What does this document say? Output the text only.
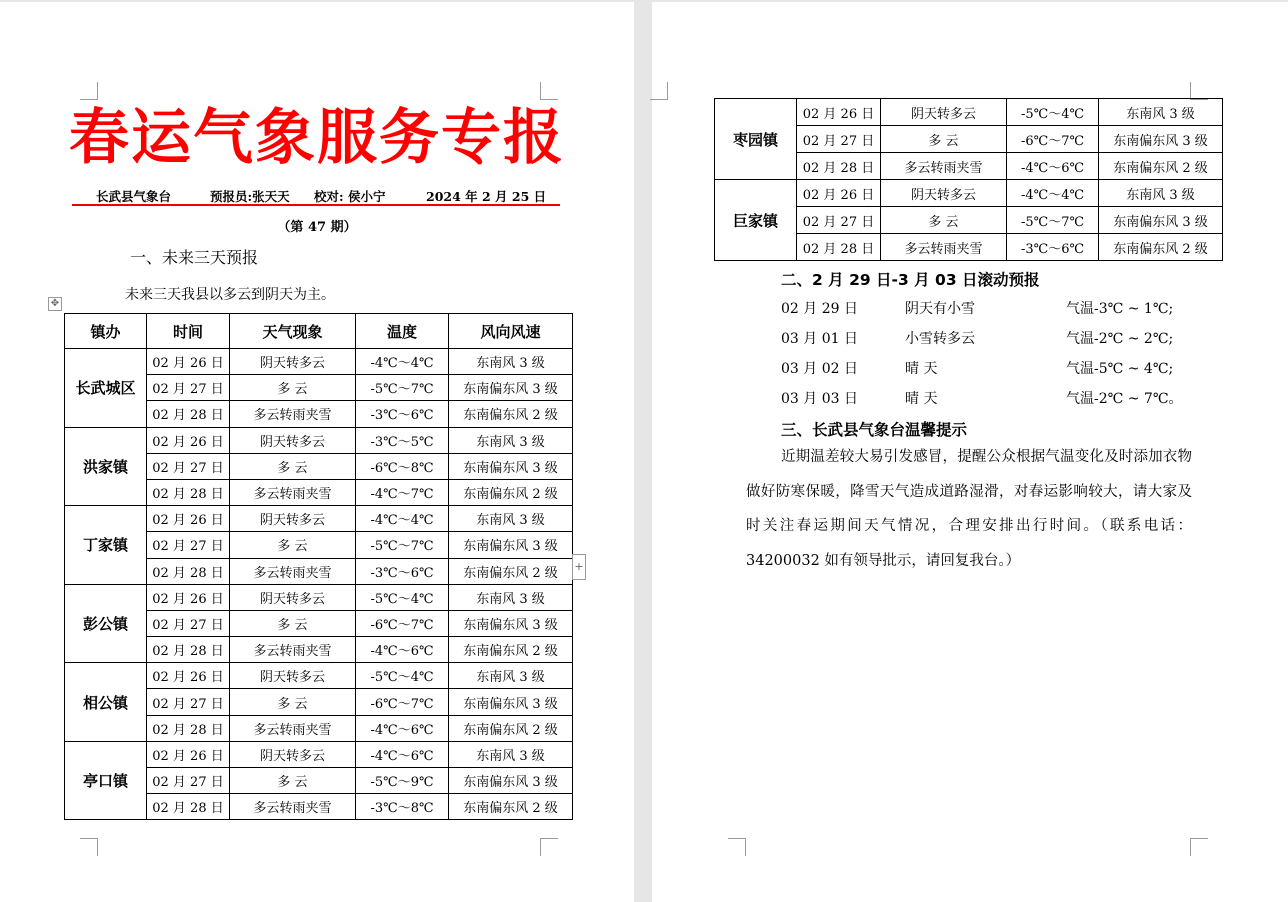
春运气象服务专报
长武县气象台	预报员:张天天 校对: 侯小宁	2024 年 2 月 25 日
（第 47 期）
一、未来三天预报
未来三天我县以多云到阴天为主。
✥
镇办	时间	天气现象	温度	风向风速
长武城区	02 月 26 日	阴天转多云	-4℃～4℃	东南风 3 级
	02 月 27 日	多 云	-5℃～7℃	东南偏东风 3 级
	02 月 28 日	多云转雨夹雪	-3℃～6℃	东南偏东风 2 级
洪家镇	02 月 26 日	阴天转多云	-3℃～5℃	东南风 3 级
	02 月 27 日	多 云	-6℃～8℃	东南偏东风 3 级
	02 月 28 日	多云转雨夹雪	-4℃～7℃	东南偏东风 2 级
丁家镇	02 月 26 日	阴天转多云	-4℃～4℃	东南风 3 级
	02 月 27 日	多 云	-5℃～7℃	东南偏东风 3 级
	02 月 28 日	多云转雨夹雪	-3℃～6℃	东南偏东风 2 级
彭公镇	02 月 26 日	阴天转多云	-5℃～4℃	东南风 3 级
	02 月 27 日	多 云	-6℃～7℃	东南偏东风 3 级
	02 月 28 日	多云转雨夹雪	-4℃～6℃	东南偏东风 2 级
相公镇	02 月 26 日	阴天转多云	-5℃～4℃	东南风 3 级
	02 月 27 日	多 云	-6℃～7℃	东南偏东风 3 级
	02 月 28 日	多云转雨夹雪	-4℃～6℃	东南偏东风 2 级
亭口镇	02 月 26 日	阴天转多云	-4℃～6℃	东南风 3 级
	02 月 27 日	多 云	-5℃～9℃	东南偏东风 3 级
	02 月 28 日	多云转雨夹雪	-3℃～8℃	东南偏东风 2 级
+
枣园镇	02 月 26 日	阴天转多云	-5℃～4℃	东南风 3 级
	02 月 27 日	多 云	-6℃～7℃	东南偏东风 3 级
	02 月 28 日	多云转雨夹雪	-4℃～6℃	东南偏东风 2 级
巨家镇	02 月 26 日	阴天转多云	-4℃～4℃	东南风 3 级
	02 月 27 日	多 云	-5℃～7℃	东南偏东风 3 级
	02 月 28 日	多云转雨夹雪	-3℃～6℃	东南偏东风 2 级
二、2 月 29 日-3 月 03 日滚动预报
02 月 29 日	阴天有小雪	气温-3℃ ~ 1℃;
03 月 01 日	小雪转多云	气温-2℃ ~ 2℃;
03 月 02 日	晴 天	气温-5℃ ~ 4℃;
03 月 03 日	晴 天	气温-2℃ ~ 7℃。
三、长武县气象台温馨提示
近期温差较大易引发感冒，提醒公众根据气温变化及时添加衣物做好防寒保暖，降雪天气造成道路湿滑，对春运影响较大，请大家及时关注春运期间天气情况，合理安排出行时间。（联系电话：34200032 如有领导批示，请回复我台。）
